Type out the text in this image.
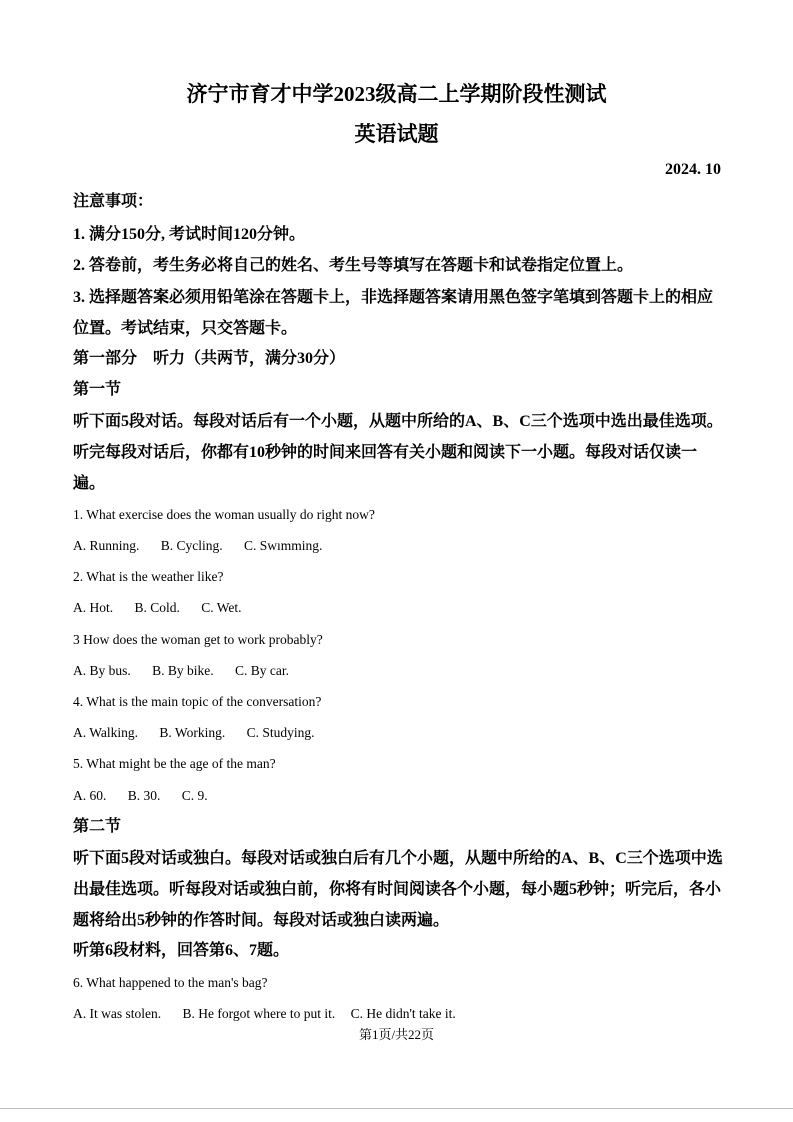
济宁市育才中学2023级高二上学期阶段性测试
英语试题
2024. 10
注意事项：
1. 满分150分, 考试时间120分钟。
2. 答卷前，考生务必将自己的姓名、考生号等填写在答题卡和试卷指定位置上。
3. 选择题答案必须用铅笔涂在答题卡上，非选择题答案请用黑色签字笔填到答题卡上的相应位置。考试结束，只交答题卡。
第一部分　听力（共两节，满分30分）
第一节
听下面5段对话。每段对话后有一个小题，从题中所给的A、B、C三个选项中选出最佳选项。听完每段对话后，你都有10秒钟的时间来回答有关小题和阅读下一小题。每段对话仅读一遍。
1. What exercise does the woman usually do right now?
A. Running. B. Cycling. C. Swımming.
2. What is the weather like?
A. Hot. B. Cold. C. Wet.
3 How does the woman get to work probably?
A. By bus. B. By bike. C. By car.
4. What is the main topic of the conversation?
A. Walking. B. Working. C. Studying.
5. What might be the age of the man?
A. 60. B. 30. C. 9.
第二节
听下面5段对话或独白。每段对话或独白后有几个小题，从题中所给的A、B、C三个选项中选出最佳选项。听每段对话或独白前，你将有时间阅读各个小题，每小题5秒钟；听完后，各小题将给出5秒钟的作答时间。每段对话或独白读两遍。
听第6段材料，回答第6、7题。
6. What happened to the man's bag?
A. It was stolen. B. He forgot where to put it. C. He didn't take it.
第1页/共22页
